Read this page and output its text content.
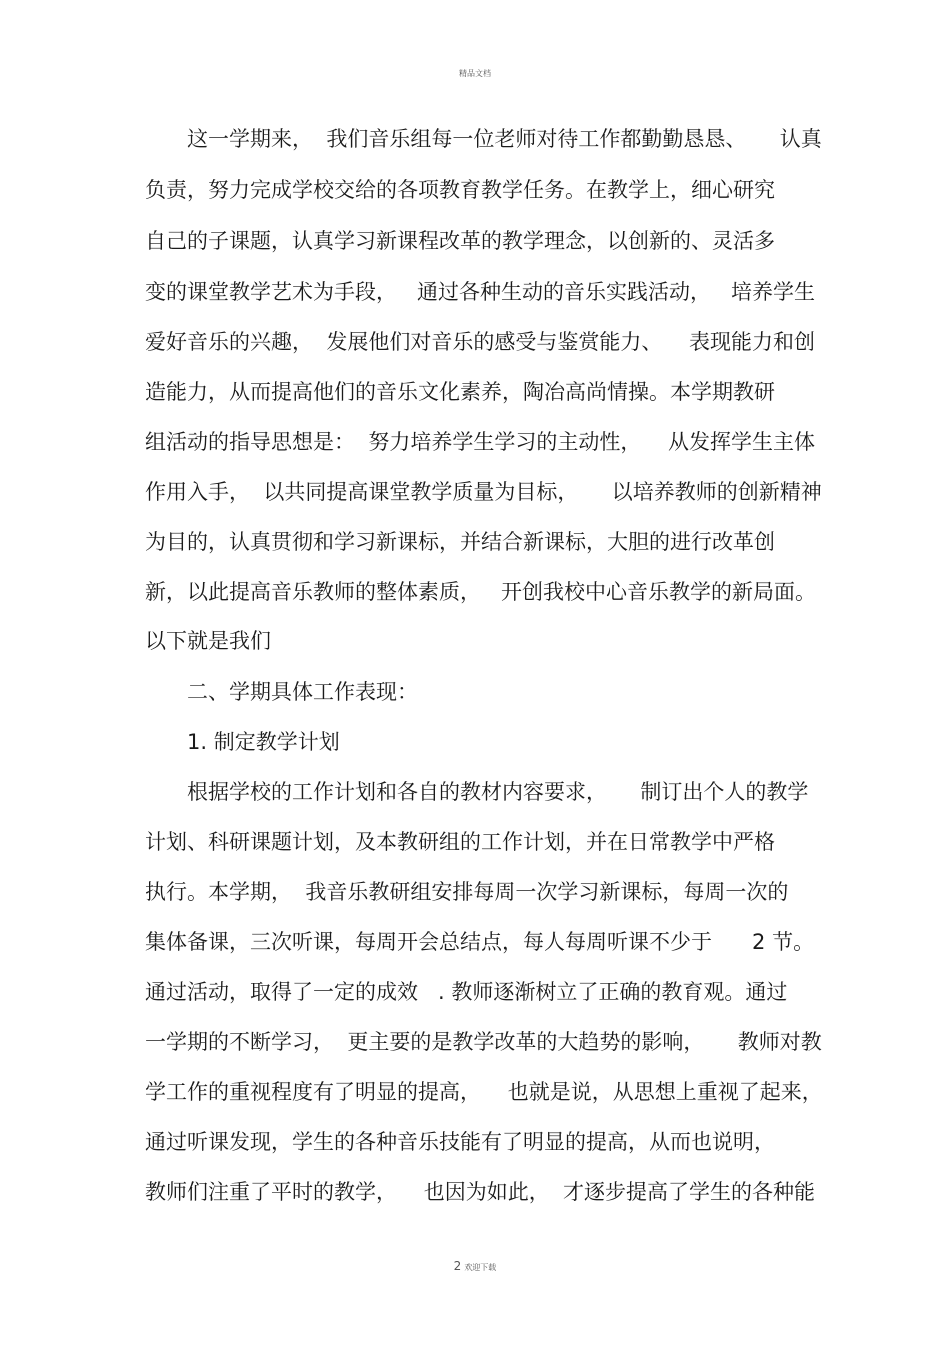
精品文档
这一学期来，  我们音乐组每一位老师对待工作都勤勤恳恳、     认真
负责，努力完成学校交给的各项教育教学任务。在教学上，细心研究
自己的子课题，认真学习新课程改革的教学理念，以创新的、灵活多
变的课堂教学艺术为手段，   通过各种生动的音乐实践活动，   培养学生
爱好音乐的兴趣，  发展他们对音乐的感受与鉴赏能力、    表现能力和创
造能力，从而提高他们的音乐文化素养，陶冶高尚情操。本学期教研
组活动的指导思想是：  努力培养学生学习的主动性，    从发挥学生主体
作用入手，  以共同提高课堂教学质量为目标，     以培养教师的创新精神
为目的，认真贯彻和学习新课标，并结合新课标，大胆的进行改革创
新，以此提高音乐教师的整体素质，   开创我校中心音乐教学的新局面。
以下就是我们
二、学期具体工作表现：
1. 制定教学计划
根据学校的工作计划和各自的教材内容要求，     制订出个人的教学
计划、科研课题计划，及本教研组的工作计划，并在日常教学中严格
执行。本学期，  我音乐教研组安排每周一次学习新课标，每周一次的
集体备课，三次听课，每周开会总结点，每人每周听课不少于      2 节。
通过活动，取得了一定的成效   . 教师逐渐树立了正确的教育观。通过
一学期的不断学习，  更主要的是教学改革的大趋势的影响，     教师对教
学工作的重视程度有了明显的提高，    也就是说，从思想上重视了起来，
通过听课发现，学生的各种音乐技能有了明显的提高，从而也说明，
教师们注重了平时的教学，    也因为如此，  才逐步提高了学生的各种能
2 欢迎下载
